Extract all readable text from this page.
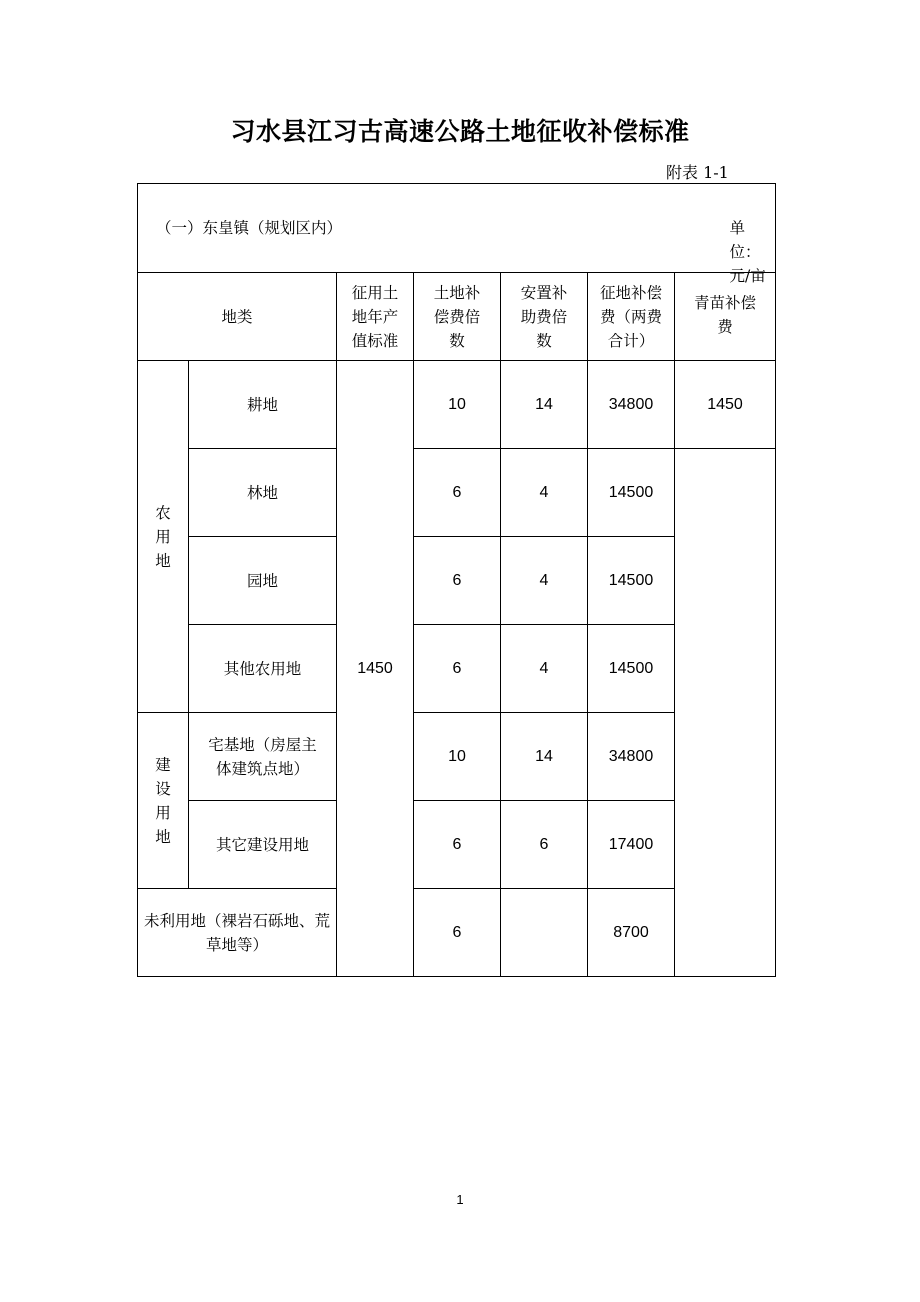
习水县江习古高速公路土地征收补偿标准
附表 1-1
（一）东皇镇（规划区内） 单位：元/亩						

地类		征用土地年产值标准	土地补偿费倍数	安置补助费倍数	征地补偿费（两费合计）	青苗补偿费

农用地	耕地	1450	10	14	34800	1450
	林地		6	4	14500	
	园地		6	4	14500	
	其他农用地		6	4	14500	

建设用地	宅基地（房屋主体建筑点地）		10	14	34800	
	其它建设用地		6	6	17400	

未利用地（裸岩石砾地、荒草地等）			6		8700	
1
